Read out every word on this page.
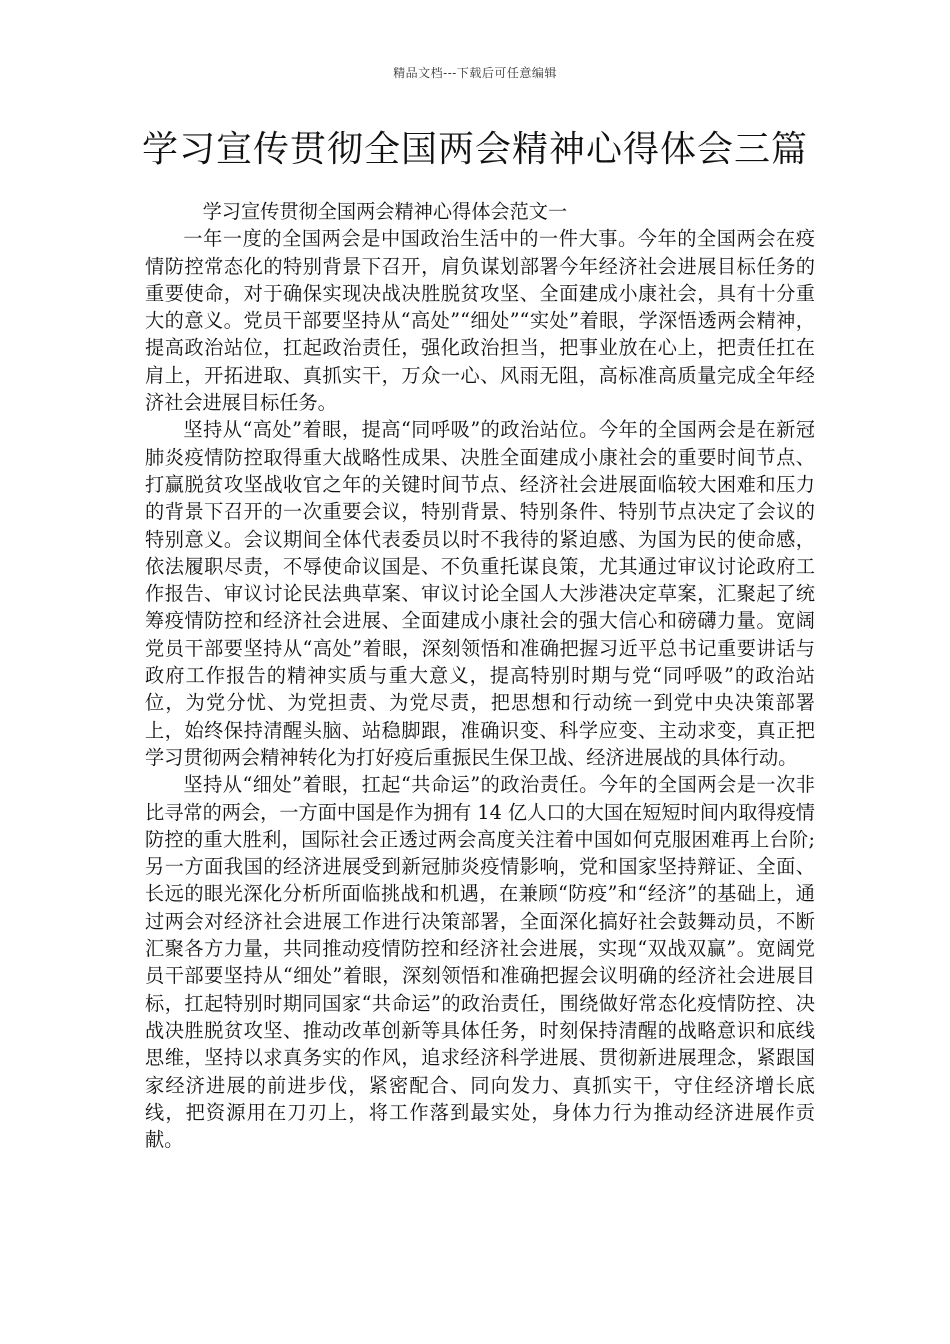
精品文档---下载后可任意编辑
学习宣传贯彻全国两会精神心得体会三篇
学习宣传贯彻全国两会精神心得体会范文一

一年一度的全国两会是中国政治生活中的一件大事。今年的全国两会在疫情防控常态化的特别背景下召开，肩负谋划部署今年经济社会进展目标任务的重要使命，对于确保实现决战决胜脱贫攻坚、全面建成小康社会，具有十分重大的意义。党员干部要坚持从“高处”“细处”“实处”着眼，学深悟透两会精神，提高政治站位，扛起政治责任，强化政治担当，把事业放在心上，把责任扛在肩上，开拓进取、真抓实干，万众一心、风雨无阻，高标准高质量完成全年经济社会进展目标任务。

坚持从“高处”着眼，提高“同呼吸”的政治站位。今年的全国两会是在新冠肺炎疫情防控取得重大战略性成果、决胜全面建成小康社会的重要时间节点、打赢脱贫攻坚战收官之年的关键时间节点、经济社会进展面临较大困难和压力的背景下召开的一次重要会议，特别背景、特别条件、特别节点决定了会议的特别意义。会议期间全体代表委员以时不我待的紧迫感、为国为民的使命感，依法履职尽责，不辱使命议国是、不负重托谋良策，尤其通过审议讨论政府工作报告、审议讨论民法典草案、审议讨论全国人大涉港决定草案，汇聚起了统筹疫情防控和经济社会进展、全面建成小康社会的强大信心和磅礴力量。宽阔党员干部要坚持从“高处”着眼，深刻领悟和准确把握习近平总书记重要讲话与政府工作报告的精神实质与重大意义，提高特别时期与党“同呼吸”的政治站位，为党分忧、为党担责、为党尽责，把思想和行动统一到党中央决策部署上，始终保持清醒头脑、站稳脚跟，准确识变、科学应变、主动求变，真正把学习贯彻两会精神转化为打好疫后重振民生保卫战、经济进展战的具体行动。

坚持从“细处”着眼，扛起“共命运”的政治责任。今年的全国两会是一次非比寻常的两会，一方面中国是作为拥有 14 亿人口的大国在短短时间内取得疫情防控的重大胜利，国际社会正透过两会高度关注着中国如何克服困难再上台阶;另一方面我国的经济进展受到新冠肺炎疫情影响，党和国家坚持辩证、全面、长远的眼光深化分析所面临挑战和机遇，在兼顾“防疫”和“经济”的基础上，通过两会对经济社会进展工作进行决策部署，全面深化搞好社会鼓舞动员，不断汇聚各方力量，共同推动疫情防控和经济社会进展，实现“双战双赢”。宽阔党员干部要坚持从“细处”着眼，深刻领悟和准确把握会议明确的经济社会进展目标，扛起特别时期同国家“共命运”的政治责任，围绕做好常态化疫情防控、决战决胜脱贫攻坚、推动改革创新等具体任务，时刻保持清醒的战略意识和底线思维，坚持以求真务实的作风，追求经济科学进展、贯彻新进展理念，紧跟国家经济进展的前进步伐，紧密配合、同向发力、真抓实干，守住经济增长底线，把资源用在刀刃上，将工作落到最实处，身体力行为推动经济进展作贡献。
